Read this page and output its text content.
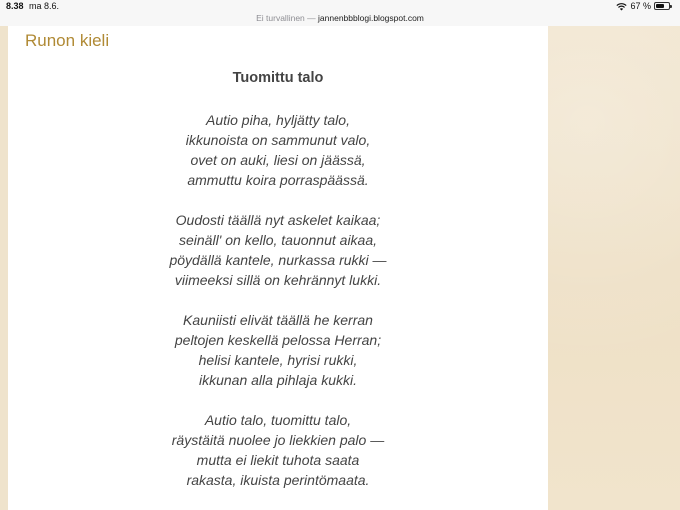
8.38 ma 8.6.	67 %
Ei turvallinen — jannenbbblogi.blogspot.com
Runon kieli
Tuomittu talo

Autio piha, hyljätty talo,
ikkunoista on sammunut valo,
ovet on auki, liesi on jäässä,
ammuttu koira porraspäässä.

Oudosti täällä nyt askelet kaikaa;
seinäll' on kello, tauonnut aikaa,
pöydällä kantele, nurkassa rukki —
viimeeksi sillä on kehrännyt lukki.

Kauniisti elivät täällä he kerran
peltojen keskellä pelossa Herran;
helisi kantele, hyrisi rukki,
ikkunan alla pihlaja kukki.

Autio talo, tuomittu talo,
räystäitä nuolee jo liekkien palo —
mutta ei liekit tuhota saata
rakasta, ikuista perintömaata.
